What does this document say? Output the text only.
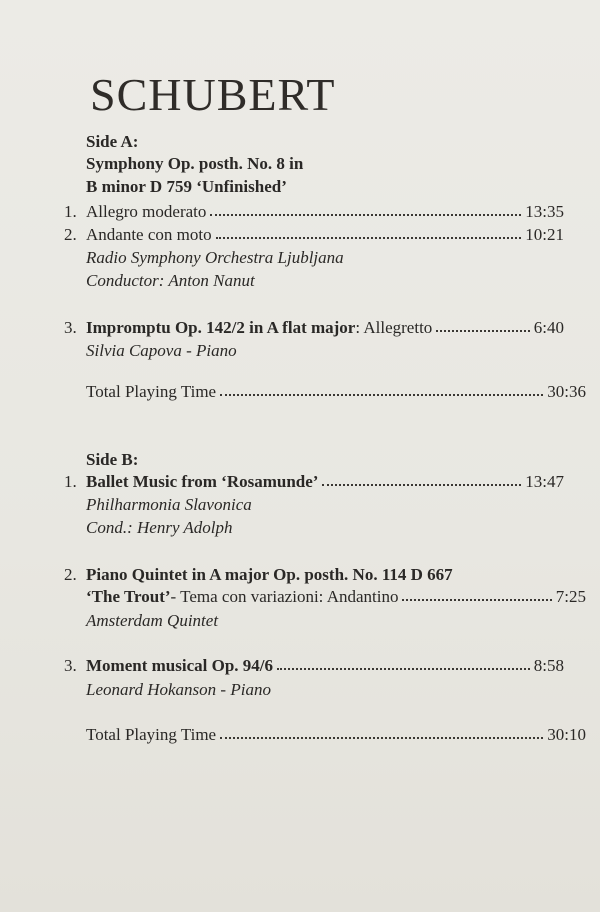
SCHUBERT
Side A:
Symphony Op. posth. No. 8 in
B minor D 759 ‘Unfinished’
1. Allegro moderato	13:35
2. Andante con moto	10:21
Radio Symphony Orchestra Ljubljana
Conductor: Anton Nanut
3. Impromptu Op. 142/2 in A flat major : Allegretto	6:40
Silvia Capova - Piano
Total Playing Time	30:36
Side B:
1. Ballet Music from ‘Rosamunde’	13:47
Philharmonia Slavonica
Cond.: Henry Adolph
2. Piano Quintet in A major Op. posth. No. 114 D 667
‘The Trout’ - Tema con variazioni: Andantino	7:25
Amsterdam Quintet
3. Moment musical Op. 94/6	8:58
Leonard Hokanson - Piano
Total Playing Time	30:10
